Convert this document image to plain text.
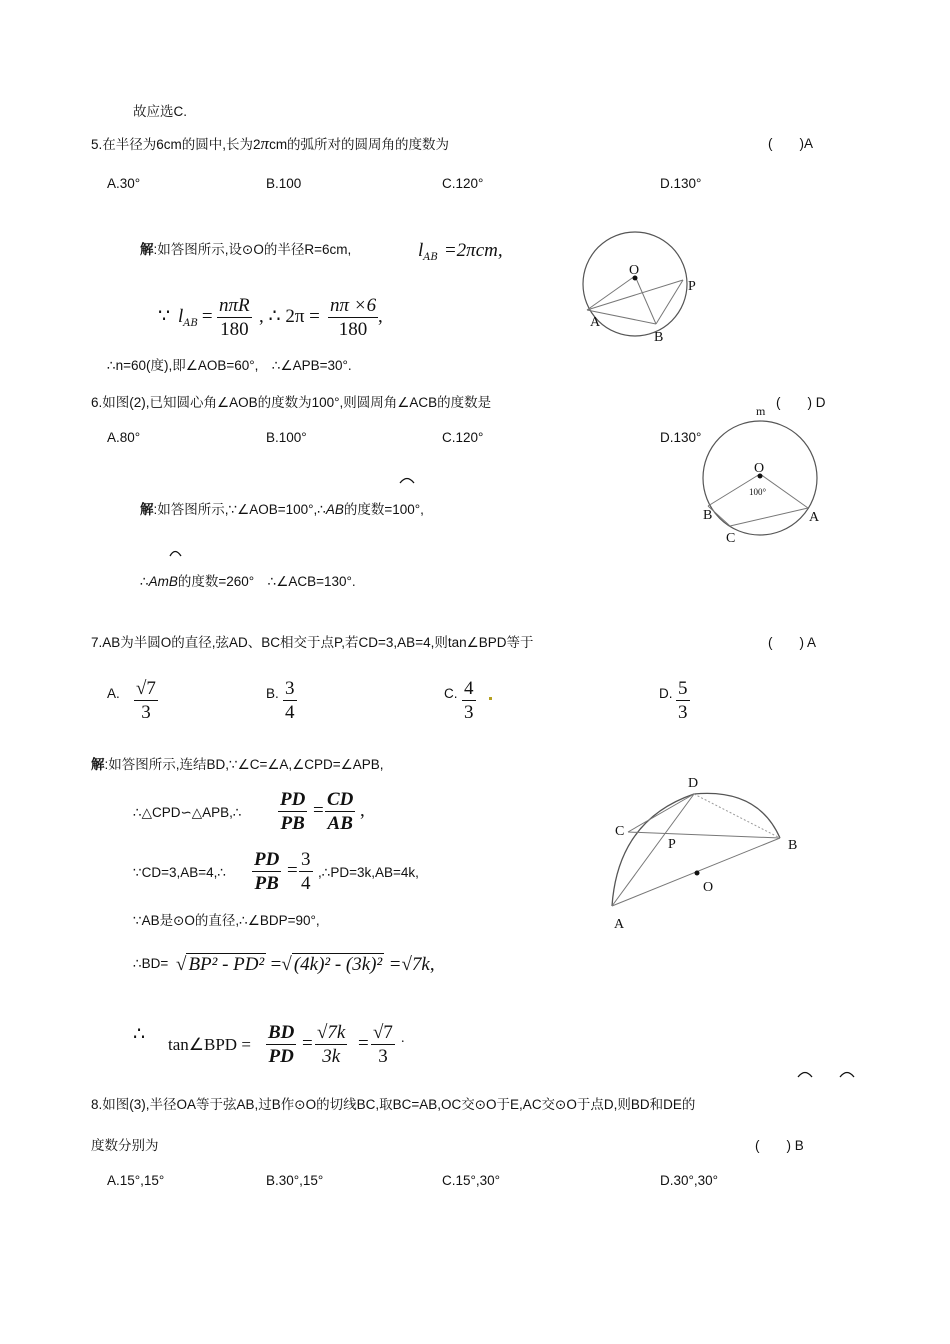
故应选C.
5.在半径为6cm的圆中,长为2πcm的弧所对的圆周角的度数为	(　　)A
A.30°	B.100	C.120°	D.130°
解:如答图所示,设⊙O的半径R=6cm,	$l_{AB} =2\pi cm$,
∵ $l_{AB}$ =
nπR
180
, ∴ $2\pi = \frac{n\pi \times 6}{180}$ ,
∴n=60(度),即∠AOB=60°,　∴∠APB=30°.
O
P
A
B
6.如图(2),已知圆心角∠AOB的度数为100°,则圆周角∠ACB的度数是	(　　) D
A.80°	B.100°	C.120°	D.130°
解:如答图所示,∵∠AOB=100°,∴AB的度数=100°,
∴AmB的度数=260°　∴∠ACB=130°.
m
O
100°
B	A
C
7.AB为半圆O的直径,弦AD、BC相交于点P,若CD=3,AB=4,则tan∠BPD等于	(　　) A
A. $\frac{√7}{3}$	B. $\frac{3}{4}$	C. $\frac{4}{3}$	D. $\frac{5}{3}$
解:如答图所示,连结BD,∵∠C=∠A,∠CPD=∠APB,
∴△CPD∽△APB,∴ $\frac{PD}{PB} = \frac{CD}{AB}$ ,
∵CD=3,AB=4,∴ $\frac{PD}{PB} = \frac{3}{4}$ ,∴PD=3k,AB=4k,
∵AB是⊙O的直径,∴∠BDP=90°,
∴BD= √ BP² - PD² =√ (4k)² - (3k)² =√7k,
∴ tan∠BPD = $\frac{BD}{PD} = \frac{√7k}{3k} = \frac{√7}{3}$ .
D
C
P	B
O
A
8.如图(3),半径OA等于弦AB,过B作⊙O的切线BC,取BC=AB,OC交⊙O于E,AC交⊙O于点D,则BD和DE的
度数分别为	(　　) B
A.15°,15°	B.30°,15°	C.15°,30°	D.30°,30°
